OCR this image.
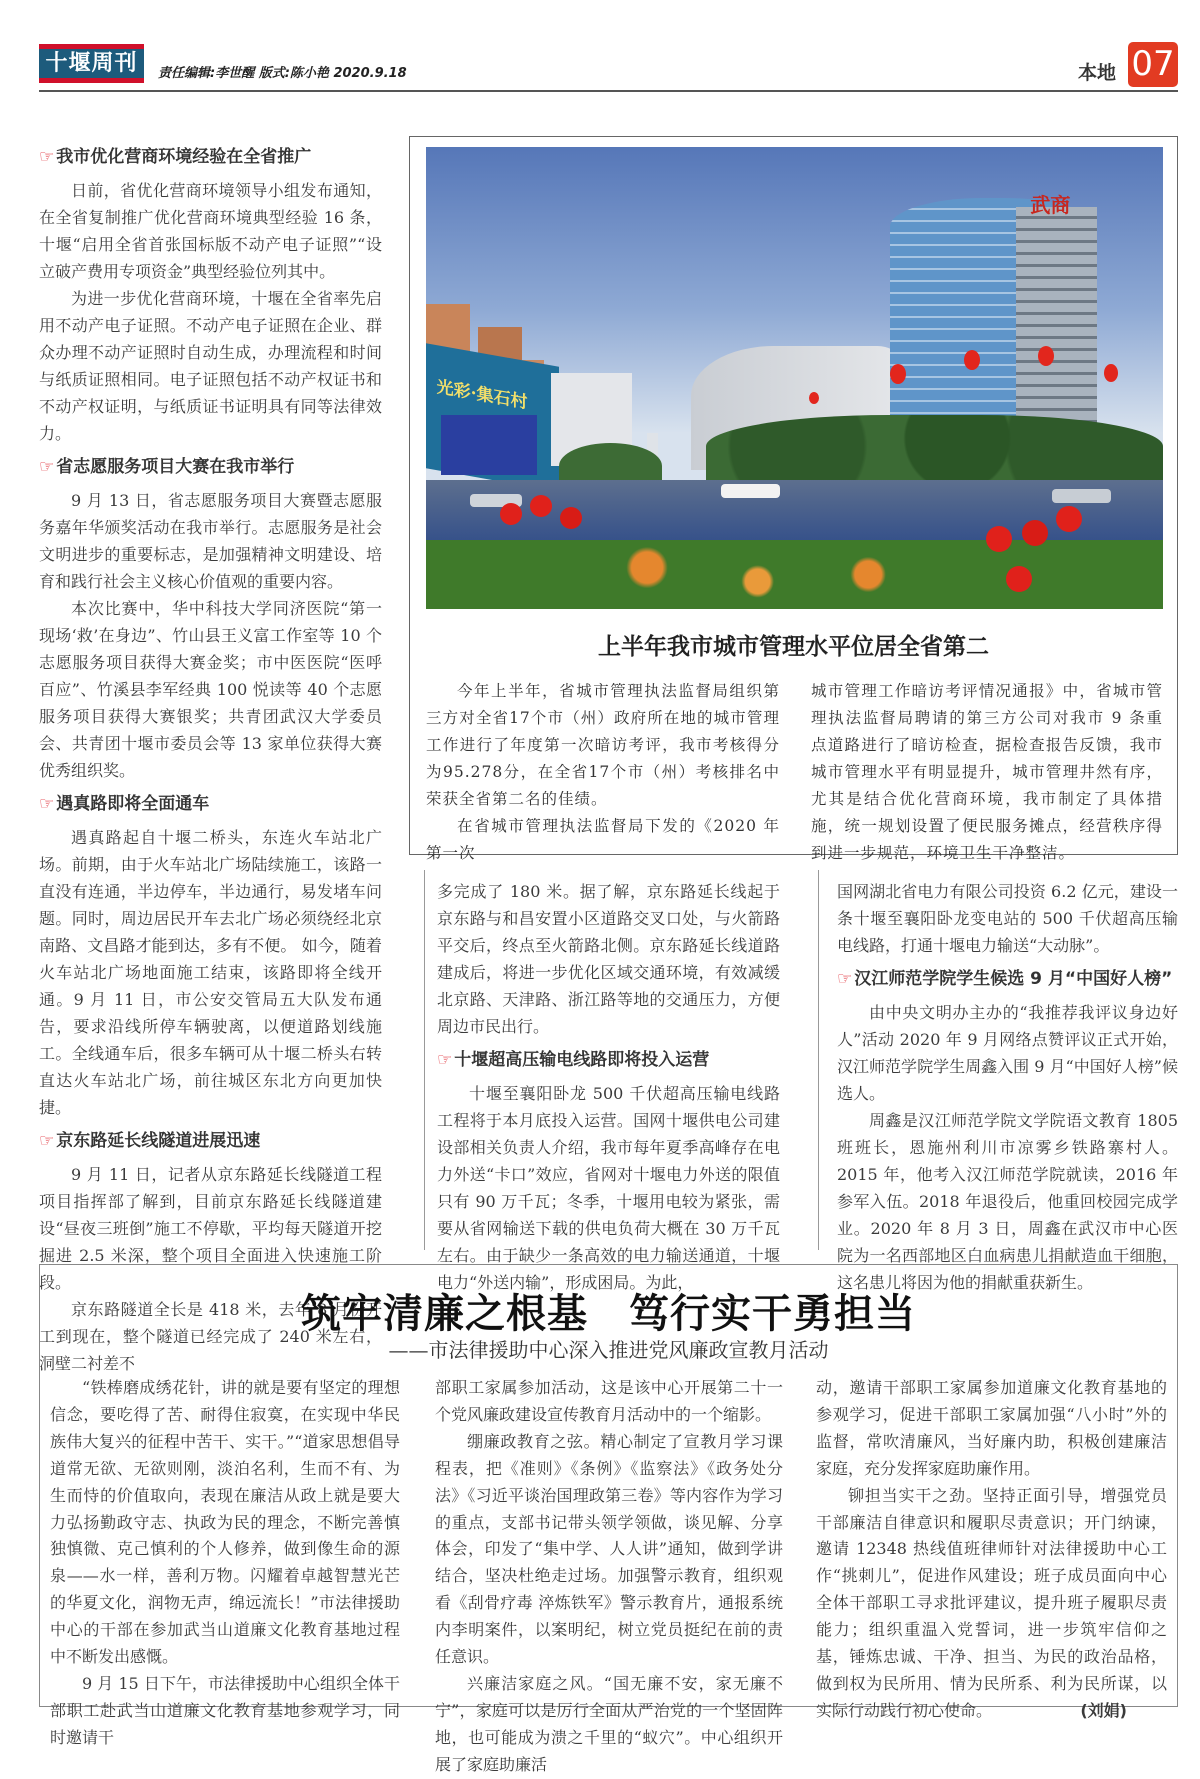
十堰周刊	责任编辑:李世醒 版式:陈小艳 2020.9.18	本地 07
☞ 我市优化营商环境经验在全省推广

日前，省优化营商环境领导小组发布通知，在全省复制推广优化营商环境典型经验 16 条，十堰“启用全省首张国标版不动产电子证照”“设立破产费用专项资金”典型经验位列其中。

为进一步优化营商环境，十堰在全省率先启用不动产电子证照。不动产电子证照在企业、群众办理不动产证照时自动生成，办理流程和时间与纸质证照相同。电子证照包括不动产权证书和不动产权证明，与纸质证书证明具有同等法律效力。

☞ 省志愿服务项目大赛在我市举行

9 月 13 日，省志愿服务项目大赛暨志愿服务嘉年华颁奖活动在我市举行。志愿服务是社会文明进步的重要标志，是加强精神文明建设、培育和践行社会主义核心价值观的重要内容。

本次比赛中，华中科技大学同济医院“第一现场‘救’在身边”、竹山县王义富工作室等 10 个志愿服务项目获得大赛金奖；市中医医院“医呼百应”、竹溪县李军经典 100 悦读等 40 个志愿服务项目获得大赛银奖；共青团武汉大学委员会、共青团十堰市委员会等 13 家单位获得大赛优秀组织奖。

☞ 遇真路即将全面通车

遇真路起自十堰二桥头，东连火车站北广场。前期，由于火车站北广场陆续施工，该路一直没有连通，半边停车，半边通行，易发堵车问题。同时，周边居民开车去北广场必须绕经北京南路、文昌路才能到达，多有不便。 如今，随着火车站北广场地面施工结束，该路即将全线开通。9 月 11 日，市公安交管局五大队发布通告，要求沿线所停车辆驶离，以便道路划线施工。全线通车后，很多车辆可从十堰二桥头右转直达火车站北广场，前往城区东北方向更加快捷。

☞ 京东路延长线隧道进展迅速

9 月 11 日，记者从京东路延长线隧道工程项目指挥部了解到，目前京东路延长线隧道建设“昼夜三班倒”施工不停歇，平均每天隧道开挖掘进 2.5 米深，整个项目全面进入快速施工阶段。

京东路隧道全长是 418 米，去年 8 月份开工到现在，整个隧道已经完成了 240 米左右，洞壁二衬差不

光彩·集石村
武商
上半年我市城市管理水平位居全省第二

今年上半年，省城市管理执法监督局组织第三方对全省17个市（州）政府所在地的城市管理工作进行了年度第一次暗访考评，我市考核得分为95.278分，在全省17个市（州）考核排名中荣获全省第二名的佳绩。

在省城市管理执法监督局下发的《2020 年第一次

城市管理工作暗访考评情况通报》中，省城市管理执法监督局聘请的第三方公司对我市 9 条重点道路进行了暗访检查，据检查报告反馈，我市城市管理水平有明显提升，城市管理井然有序，尤其是结合优化营商环境，我市制定了具体措施，统一规划设置了便民服务摊点，经营秩序得到进一步规范，环境卫生干净整洁。

多完成了 180 米。据了解，京东路延长线起于京东路与和昌安置小区道路交叉口处，与火箭路平交后，终点至火箭路北侧。京东路延长线道路建成后，将进一步优化区域交通环境，有效减缓北京路、天津路、浙江路等地的交通压力，方便周边市民出行。

☞ 十堰超高压输电线路即将投入运营

十堰至襄阳卧龙 500 千伏超高压输电线路工程将于本月底投入运营。国网十堰供电公司建设部相关负责人介绍，我市每年夏季高峰存在电力外送“卡口”效应，省网对十堰电力外送的限值只有 90 万千瓦；冬季，十堰用电较为紧张，需要从省网输送下载的供电负荷大概在 30 万千瓦左右。由于缺少一条高效的电力输送通道，十堰电力“外送内输”，形成困局。为此，

国网湖北省电力有限公司投资 6.2 亿元，建设一条十堰至襄阳卧龙变电站的 500 千伏超高压输电线路，打通十堰电力输送“大动脉”。

☞ 汉江师范学院学生候选 9 月“中国好人榜”

由中央文明办主办的“我推荐我评议身边好人”活动 2020 年 9 月网络点赞评议正式开始，汉江师范学院学生周鑫入围 9 月“中国好人榜”候选人。

周鑫是汉江师范学院文学院语文教育 1805 班班长，恩施州利川市凉雾乡铁路寨村人。2015 年，他考入汉江师范学院就读，2016 年参军入伍。2018 年退役后，他重回校园完成学业。2020 年 8 月 3 日，周鑫在武汉市中心医院为一名西部地区白血病患儿捐献造血干细胞，这名患儿将因为他的捐献重获新生。

筑牢清廉之根基　笃行实干勇担当
——市法律援助中心深入推进党风廉政宣教月活动

“铁棒磨成绣花针，讲的就是要有坚定的理想信念，要吃得了苦、耐得住寂寞，在实现中华民族伟大复兴的征程中苦干、实干。”“道家思想倡导道常无欲、无欲则刚，淡泊名利，生而不有、为生而恃的价值取向，表现在廉洁从政上就是要大力弘扬勤政守志、执政为民的理念，不断完善慎独慎微、克己慎利的个人修养，做到像生命的源泉——水一样，善利万物。闪耀着卓越智慧光芒的华夏文化，润物无声，绵远流长！”市法律援助中心的干部在参加武当山道廉文化教育基地过程中不断发出感慨。

9 月 15 日下午，市法律援助中心组织全体干部职工赴武当山道廉文化教育基地参观学习，同时邀请干

部职工家属参加活动，这是该中心开展第二十一个党风廉政建设宣传教育月活动中的一个缩影。

绷廉政教育之弦。精心制定了宣教月学习课程表，把《准则》《条例》《监察法》《政务处分法》《习近平谈治国理政第三卷》等内容作为学习的重点，支部书记带头领学领做，谈见解、分享体会，印发了“集中学、人人讲”通知，做到学讲结合，坚决杜绝走过场。加强警示教育，组织观看《刮骨疗毒 淬炼铁军》警示教育片，通报系统内李明案件，以案明纪，树立党员挺纪在前的责任意识。

兴廉洁家庭之风。“国无廉不安，家无廉不宁”，家庭可以是厉行全面从严治党的一个坚固阵地，也可能成为溃之千里的“蚁穴”。中心组织开展了家庭助廉活

动，邀请干部职工家属参加道廉文化教育基地的参观学习，促进干部职工家属加强“八小时”外的监督，常吹清廉风，当好廉内助，积极创建廉洁家庭，充分发挥家庭助廉作用。

铆担当实干之劲。坚持正面引导，增强党员干部廉洁自律意识和履职尽责意识；开门纳谏，邀请 12348 热线值班律师针对法律援助中心工作“挑刺儿”，促进作风建设；班子成员面向中心全体干部职工寻求批评建议，提升班子履职尽责能力；组织重温入党誓词，进一步筑牢信仰之基，锤炼忠诚、干净、担当、为民的政治品格，做到权为民所用、情为民所系、利为民所谋，以实际行动践行初心使命。	(刘娟)
